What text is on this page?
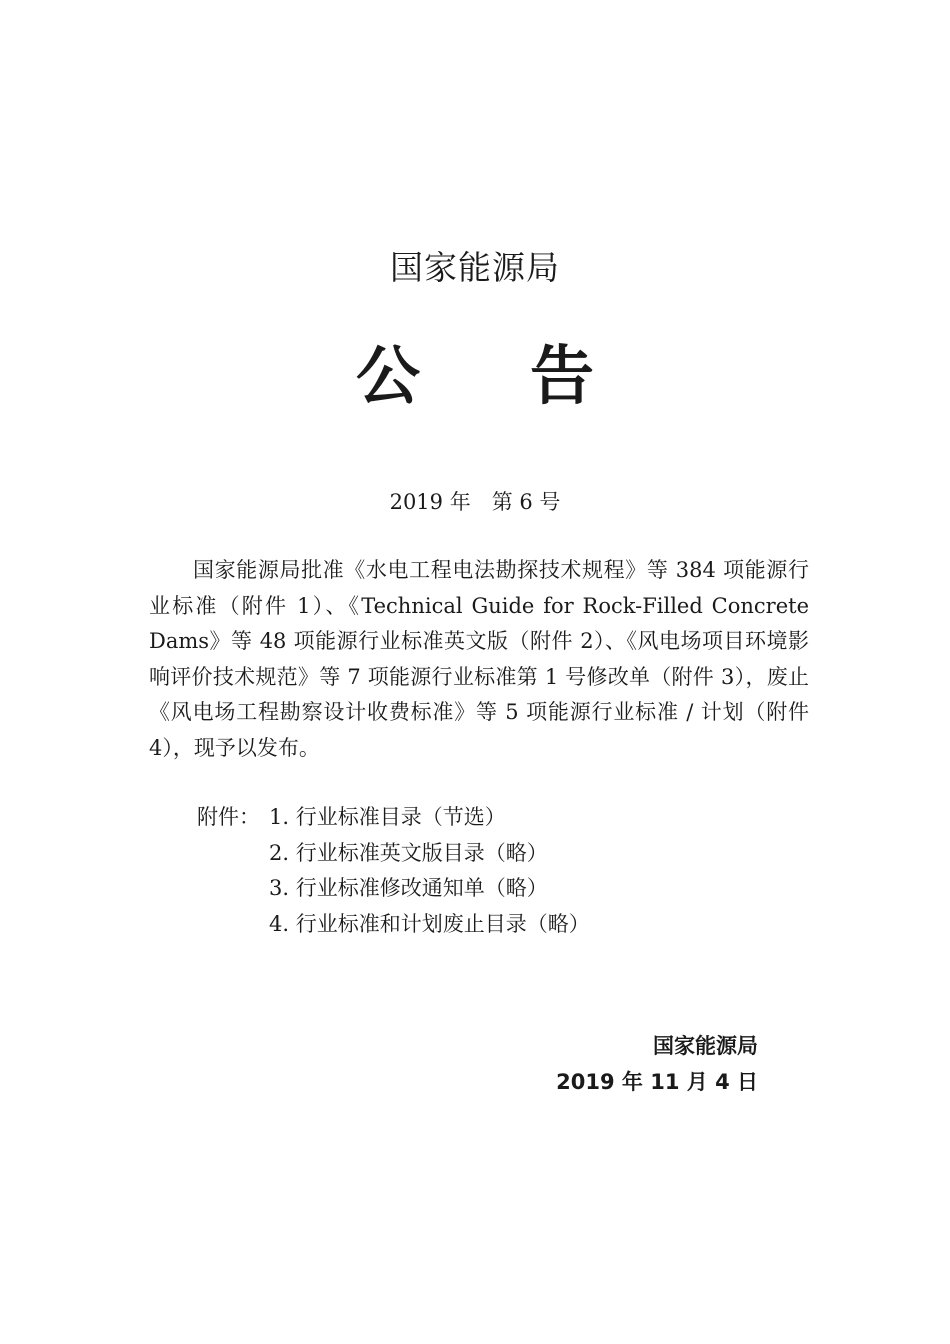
国家能源局
公告
2019 年　第 6 号

国家能源局批准《水电工程电法勘探技术规程》等 384 项能源行业标准（附件 1）、《Technical Guide for Rock-Filled Concrete Dams》等 48 项能源行业标准英文版（附件 2）、《风电场项目环境影响评价技术规范》等 7 项能源行业标准第 1 号修改单（附件 3），废止《风电场工程勘察设计收费标准》等 5 项能源行业标准 / 计划（附件 4），现予以发布。

附件： 1. 行业标准目录（节选）
2. 行业标准英文版目录（略）
3. 行业标准修改通知单（略）
4. 行业标准和计划废止目录（略）
国家能源局
2019 年 11 月 4 日
